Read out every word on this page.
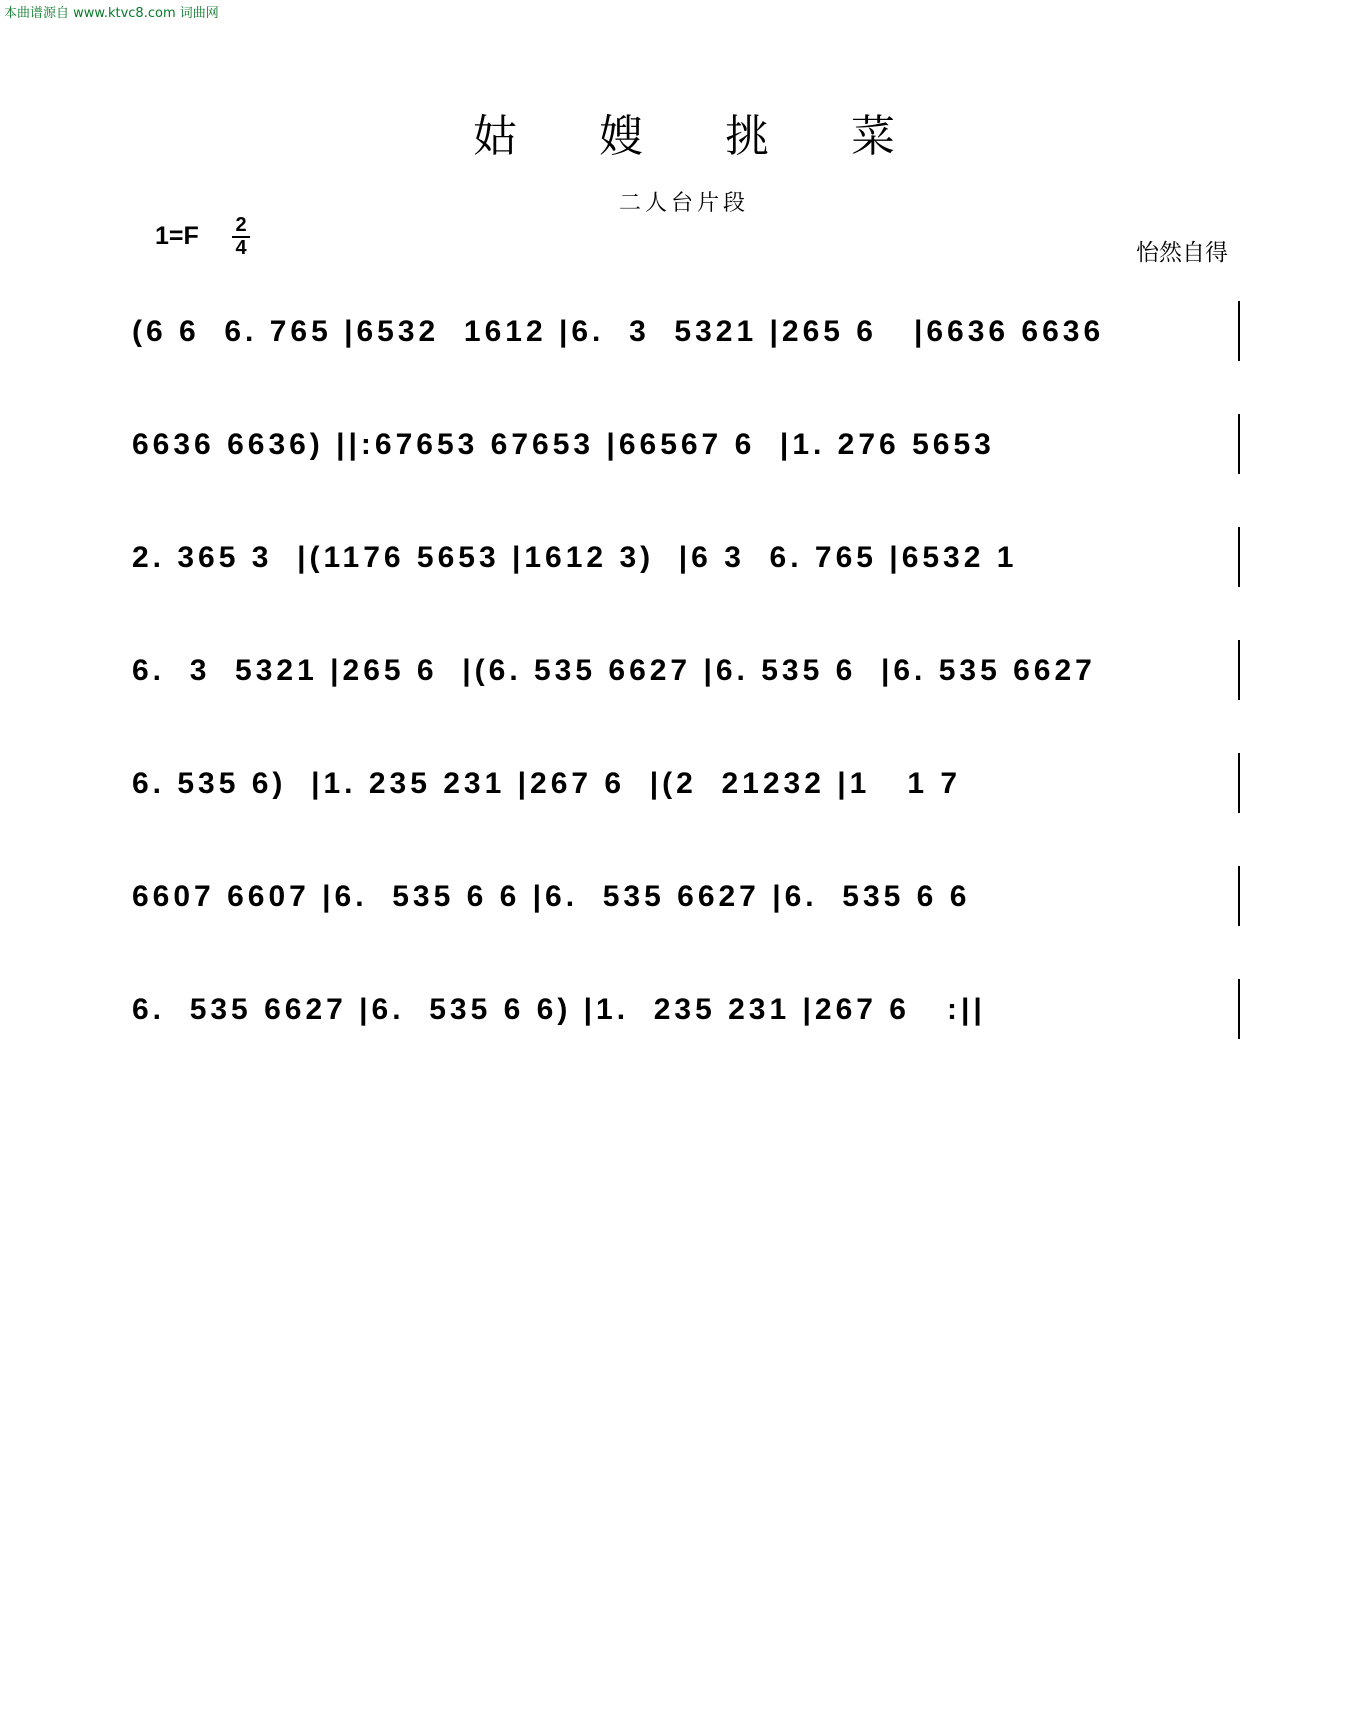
本曲谱源自 www.ktvc8.com 词曲网
姑 嫂 挑 菜
二人台片段
1=F 2
4	怡然自得
(6 6  6. 765 |6532  1612 |6.  3  5321 |265 6   |6636 6636
6636 6636) ||:67653 67653 |66567 6  |1. 276 5653
2. 365 3  |(1176 5653 |1612 3)  |6 3  6. 765 |6532 1
6.  3  5321 |265 6  |(6. 535 6627 |6. 535 6  |6. 535 6627
6. 535 6)  |1. 235 231 |267 6  |(2  21232 |1   1 7
6607 6607 |6.  535 6 6 |6.  535 6627 |6.  535 6 6
6.  535 6627 |6.  535 6 6) |1.  235 231 |267 6   :||
